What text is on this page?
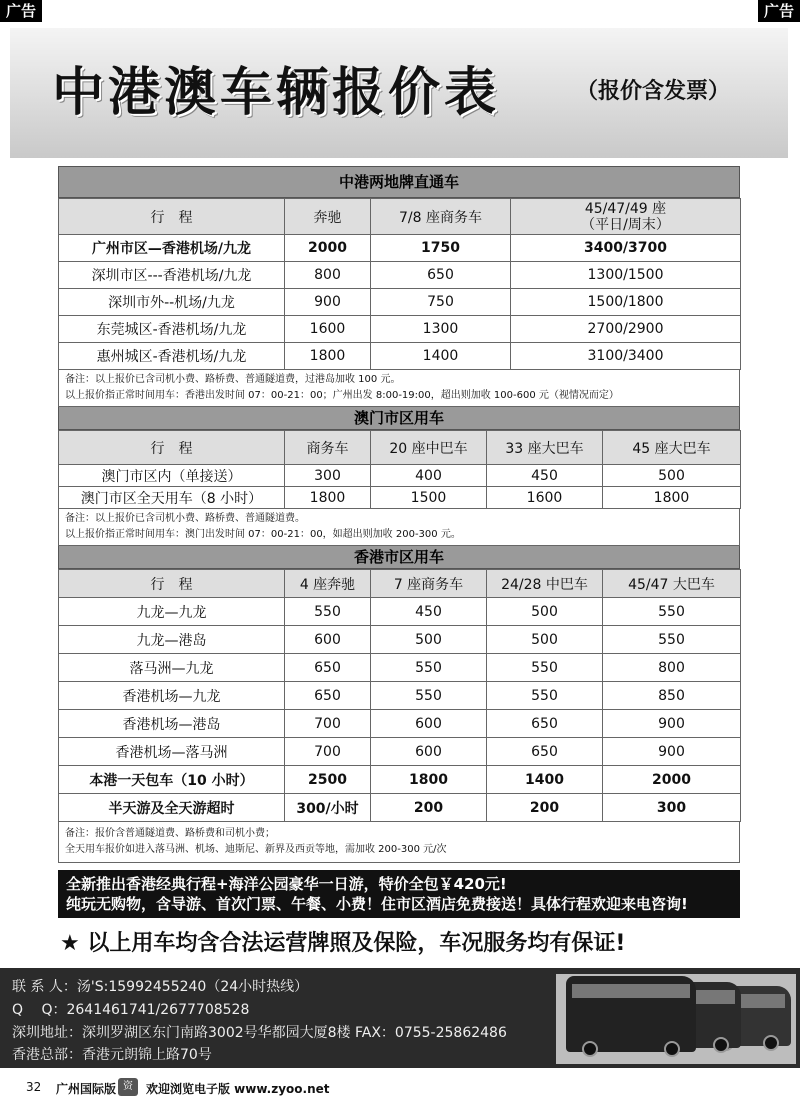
广告	广告
中港澳车辆报价表	（报价含发票）
中港两地牌直通车
行　程	奔驰	7/8 座商务车	45/47/49 座
（平日/周末）
广州市区—香港机场/九龙	2000	1750	3400/3700
深圳市区---香港机场/九龙	800	650	1300/1500
深圳市外--机场/九龙	900	750	1500/1800
东莞城区-香港机场/九龙	1600	1300	2700/2900
惠州城区-香港机场/九龙	1800	1400	3100/3400
备注：以上报价已含司机小费、路桥费、普通隧道费，过港岛加收 100 元。
以上报价指正常时间用车：香港出发时间 07：00-21：00；广州出发 8:00-19:00，超出则加收 100-600 元（视情况而定）
澳门市区用车
行　程	商务车	20 座中巴车	33 座大巴车	45 座大巴车
澳门市区内（单接送）	300	400	450	500
澳门市区全天用车（8 小时）	1800	1500	1600	1800
备注：以上报价已含司机小费、路桥费、普通隧道费。
以上报价指正常时间用车：澳门出发时间 07：00-21：00，如超出则加收 200-300 元。
香港市区用车
行　程	4 座奔驰	7 座商务车	24/28 中巴车	45/47 大巴车
九龙—九龙	550	450	500	550
九龙—港岛	600	500	500	550
落马洲—九龙	650	550	550	800
香港机场—九龙	650	550	550	850
香港机场—港岛	700	600	650	900
香港机场—落马洲	700	600	650	900
本港一天包车（10 小时）	2500	1800	1400	2000
半天游及全天游超时	300/小时	200	200	300
备注：报价含普通隧道费、路桥费和司机小费；
全天用车报价如进入落马洲、机场、迪斯尼、新界及西贡等地，需加收 200-300 元/次
全新推出香港经典行程+海洋公园豪华一日游，特价全包￥420元!
纯玩无购物，含导游、首次门票、午餐、小费！住市区酒店免费接送！具体行程欢迎来电咨询!
★ 以上用车均含合法运营牌照及保险，车况服务均有保证!
联 系 人：汤'S:15992455240（24小时热线）
Q　 Q：2641461741/2677708528
深圳地址：深圳罗湖区东门南路3002号华都园大厦8楼 FAX：0755-25862486
香港总部：香港元朗锦上路70号
32 广州国际版 欢迎浏览电子版 www.zyoo.net
资
